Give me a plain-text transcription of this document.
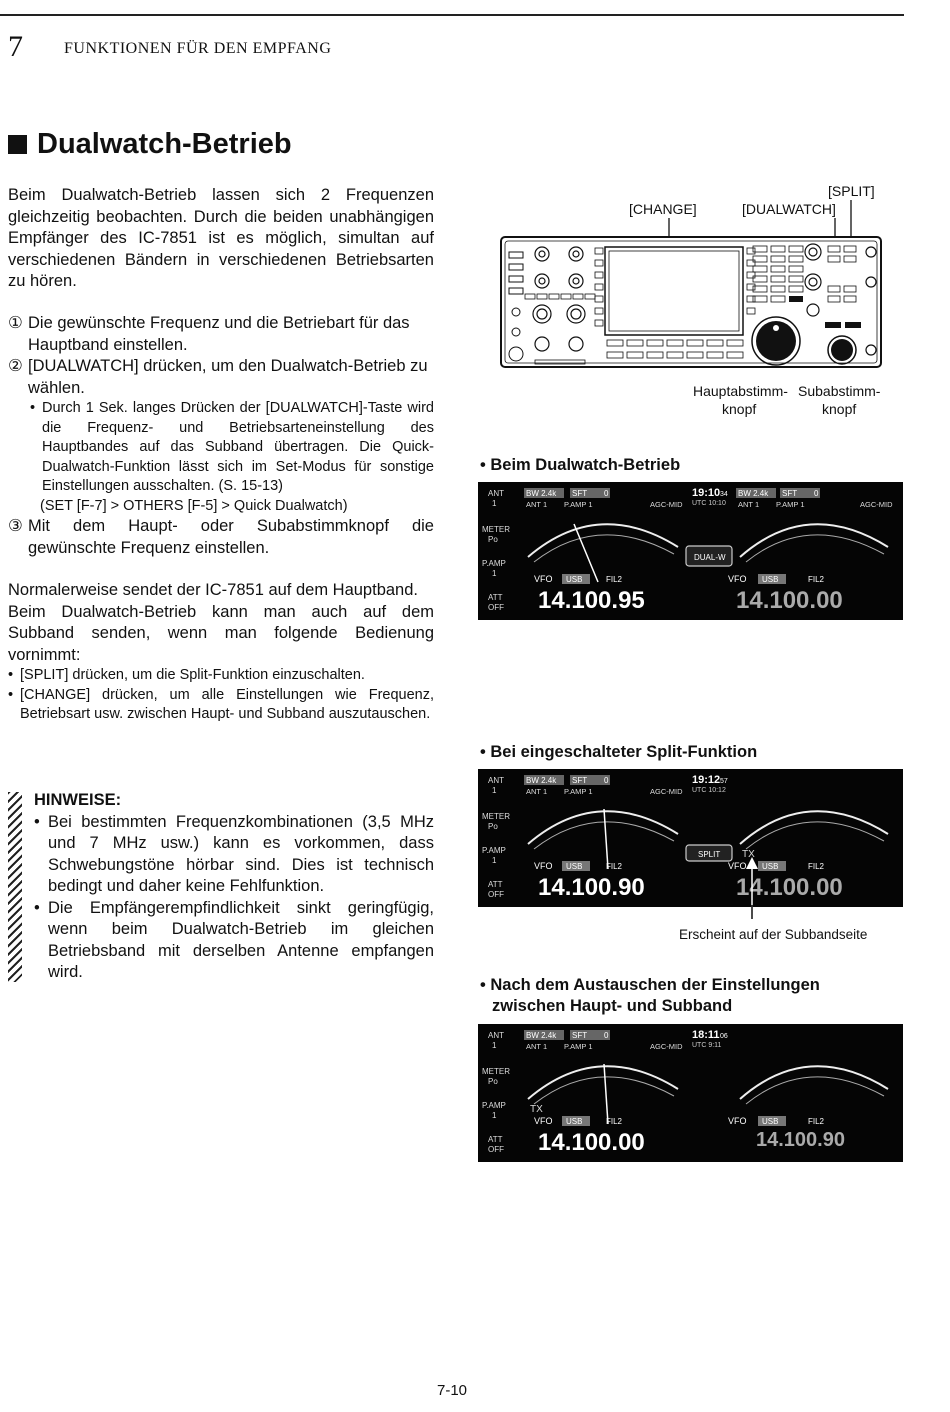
7	FUNKTIONEN FÜR DEN EMPFANG
Dualwatch-Betrieb
Beim Dualwatch-Betrieb lassen sich 2 Frequenzen gleichzeitig beobachten. Durch die beiden unabhängigen Empfänger des IC-7851 ist es möglich, simultan auf verschiedenen Bändern in verschiedenen Betriebsarten zu hören.
① Die gewünschte Frequenz und die Betriebart für das Hauptband einstellen.
② [DUALWATCH] drücken, um den Dualwatch-Betrieb zu wählen.
• Durch 1 Sek. langes Drücken der [DUALWATCH]-Taste wird die Frequenz- und Betriebsarteneinstellung des Hauptbandes auf das Subband übertragen. Die Quick-Dualwatch-Funktion lässt sich im Set-Modus für sonstige Einstellungen ausschalten. (S. 15-13)
(SET [F-7] > OTHERS [F-5] > Quick Dualwatch)
③ Mit dem Haupt- oder Subabstimmknopf die gewünschte Frequenz einstellen.
Normalerweise sendet der IC-7851 auf dem Hauptband.
Beim Dualwatch-Betrieb kann man auch auf dem Subband senden, wenn man folgende Bedienung vornimmt:
• [SPLIT] drücken, um die Split-Funktion einzuschalten.
• [CHANGE] drücken, um alle Einstellungen wie Frequenz, Betriebsart usw. zwischen Haupt- und Subband auszutauschen.
HINWEISE:
• Bei bestimmten Frequenzkombinationen (3,5 MHz und 7 MHz usw.) kann es vorkommen, dass Schwebungstöne hörbar sind. Dies ist technisch bedingt und daher keine Fehlfunktion.
• Die Empfängerempfindlichkeit sinkt geringfügig, wenn beim Dualwatch-Betrieb im gleichen Betriebsband mit derselben Antenne empfangen wird.
[SPLIT]
[CHANGE]	[DUALWATCH]
Hauptabstimm-
knopf
Subabstimm-
knopf
• Beim Dualwatch-Betrieb
ANT
1
METER
Po
P.AMP
1
ATT
OFF
BW 2.4k SFT 0
ANT 1 P.AMP 1	AGC-MID
19:10 34
UTC 10:10
BW 2.4k SFT 0
ANT 1 P.AMP 1	AGC-MID
DUAL-W
VFO USB	FIL2
14.100.95
VFO USB	FIL2
14.100.00
• Bei eingeschalteter Split-Funktion
ANT
1
METER
Po
P.AMP
1
ATT
OFF
BW 2.4k SFT 0
ANT 1 P.AMP 1	AGC-MID
19:12 57
UTC 10:12
SPLIT TX
VFO USB	FIL2
14.100.90
VFO USB	FIL2
14.100.00
Erscheint auf der Subbandseite
• Nach dem Austauschen der Einstellungen
zwischen Haupt- und Subband
ANT
1
METER
Po
P.AMP
1
ATT
OFF
BW 2.4k SFT 0
ANT 1 P.AMP 1	AGC-MID
18:11 06
UTC 9:11
TX
VFO USB	FIL2
14.100.00
VFO USB	FIL2
14.100.90
7-10
